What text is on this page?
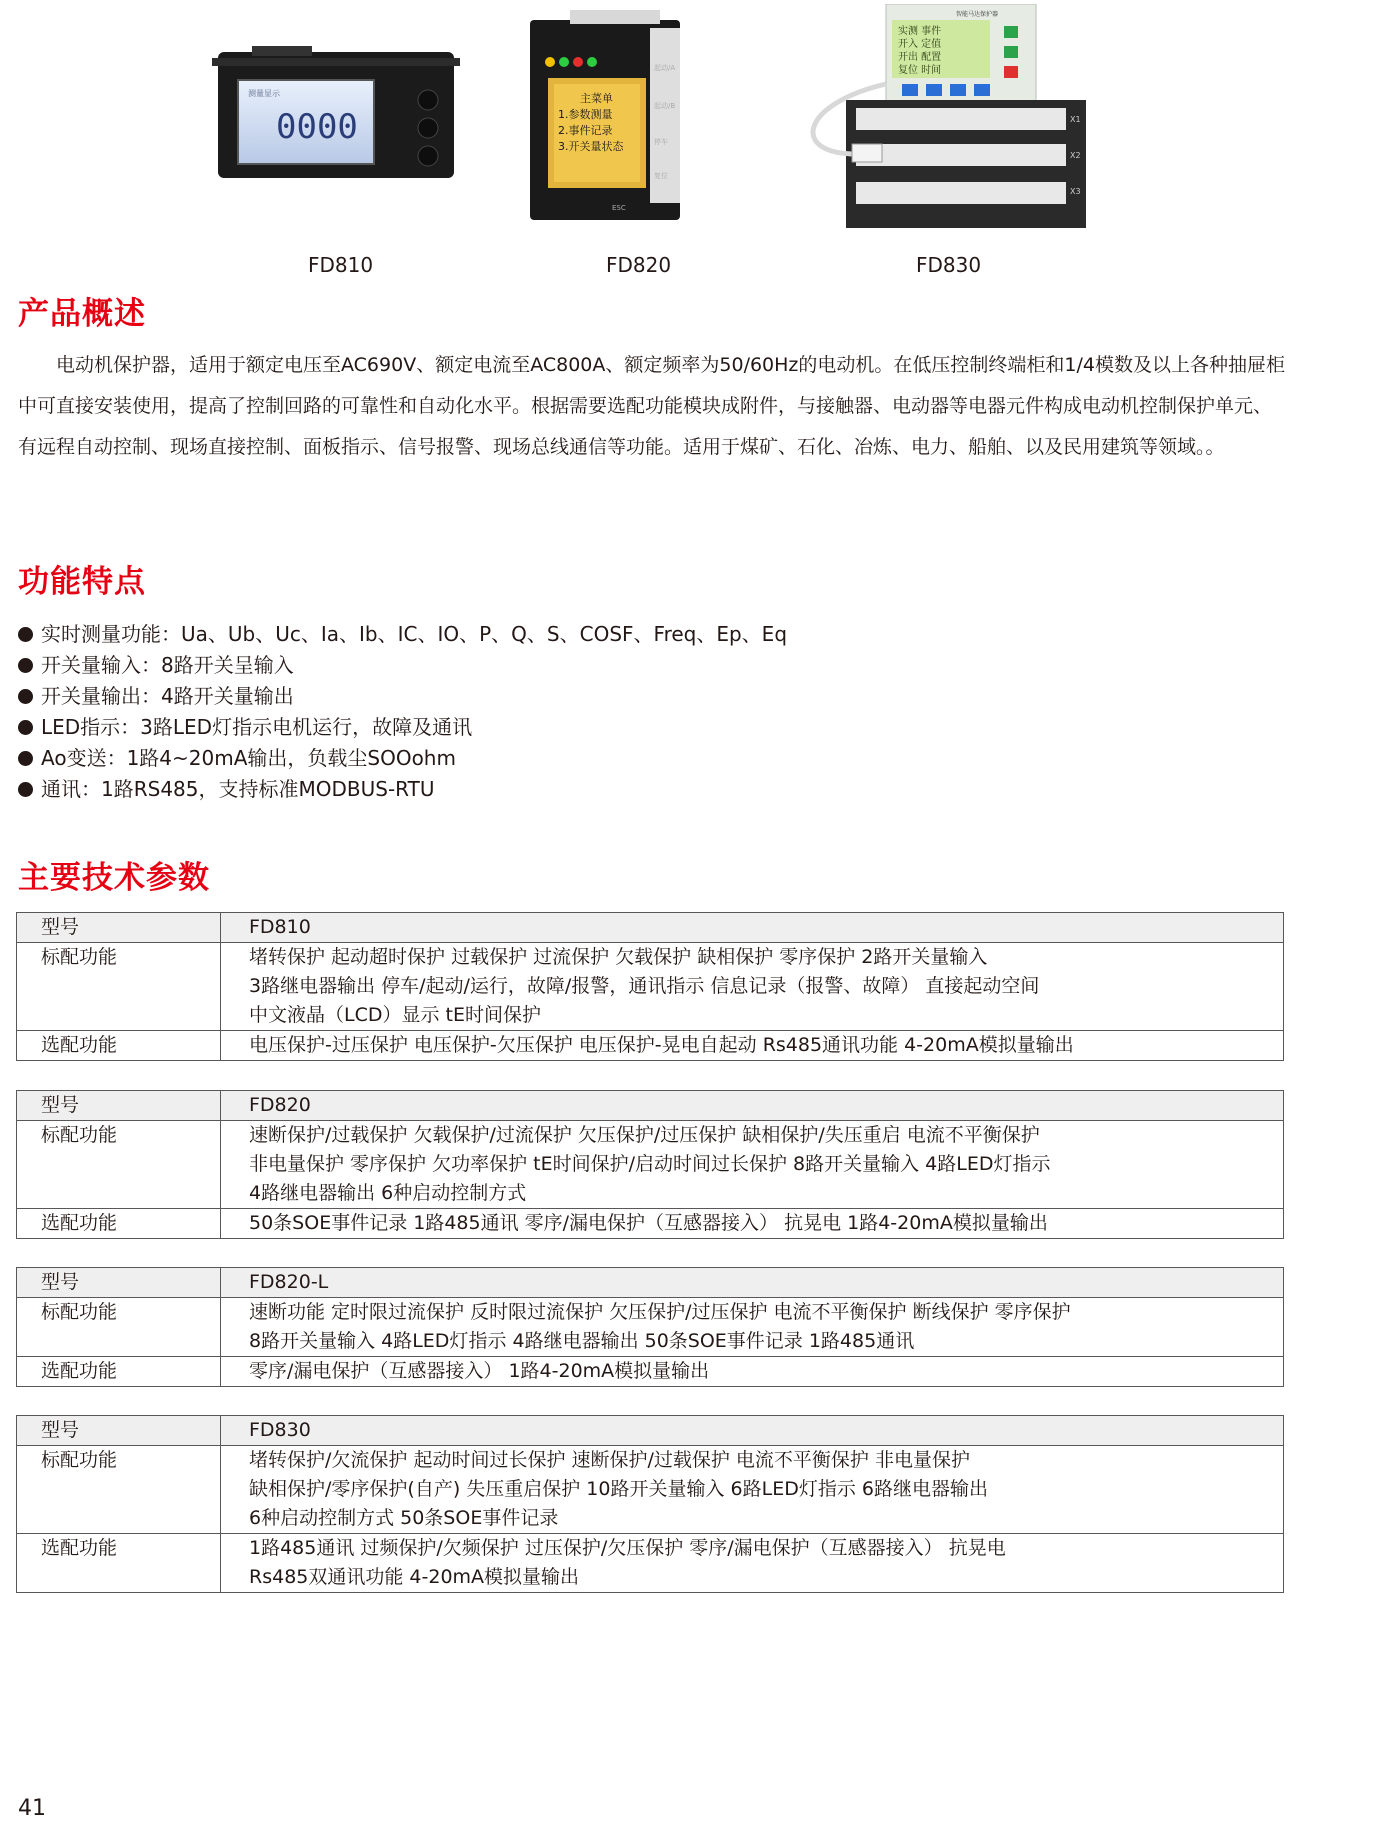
测量显示
0000
FD810
主菜单
1.参数测量
2.事件记录
3.开关量状态
起动/A
起动/B
停车
复位
ESC
FD820
智能马达保护器
实测 事件
开入 定值
开出 配置
复位 时间
X1
X2
X3
FD830
产品概述
电动机保护器，适用于额定电压至AC690V、额定电流至AC800A、额定频率为50/60Hz的电动机。在低压控制终端柜和1/4模数及以上各种抽屉柜中可直接安装使用，提高了控制回路的可靠性和自动化水平。根据需要选配功能模块成附件，与接触器、电动器等电器元件构成电动机控制保护单元、有远程自动控制、现场直接控制、面板指示、信号报警、现场总线通信等功能。适用于煤矿、石化、冶炼、电力、船舶、以及民用建筑等领域。。
功能特点
实时测量功能：Ua、Ub、Uc、Ia、Ib、IC、IO、P、Q、S、COSF、Freq、Ep、Eq
开关量输入：8路开关呈输入
开关量输出：4路开关量输出
LED指示：3路LED灯指示电机运行，故障及通讯
Ao变送：1路4~20mA输出，负载尘SOOohm
通讯：1路RS485，支持标准MODBUS-RTU
主要技术参数
型号	FD810
标配功能	堵转保护 起动超时保护 过载保护 过流保护 欠载保护 缺相保护 零序保护 2路开关量输入
3路继电器输出 停车/起动/运行，故障/报警，通讯指示 信息记录（报警、故障） 直接起动空间
中文液晶（LCD）显示 tE时间保护

选配功能	电压保护-过压保护 电压保护-欠压保护 电压保护-晃电自起动 Rs485通讯功能 4-20mA模拟量输出
型号	FD820
标配功能	速断保护/过载保护 欠载保护/过流保护 欠压保护/过压保护 缺相保护/失压重启 电流不平衡保护
非电量保护 零序保护 欠功率保护 tE时间保护/启动时间过长保护 8路开关量输入 4路LED灯指示
4路继电器输出 6种启动控制方式

选配功能	50条SOE事件记录 1路485通讯 零序/漏电保护（互感器接入） 抗晃电 1路4-20mA模拟量输出
型号	FD820-L
标配功能	速断功能 定时限过流保护 反时限过流保护 欠压保护/过压保护 电流不平衡保护 断线保护 零序保护
8路开关量输入 4路LED灯指示 4路继电器输出 50条SOE事件记录 1路485通讯

选配功能	零序/漏电保护（互感器接入） 1路4-20mA模拟量输出
型号	FD830
标配功能	堵转保护/欠流保护 起动时间过长保护 速断保护/过载保护 电流不平衡保护 非电量保护
缺相保护/零序保护(自产) 失压重启保护 10路开关量输入 6路LED灯指示 6路继电器输出
6种启动控制方式 50条SOE事件记录

选配功能	1路485通讯 过频保护/欠频保护 过压保护/欠压保护 零序/漏电保护（互感器接入） 抗晃电
Rs485双通讯功能 4-20mA模拟量输出
41
